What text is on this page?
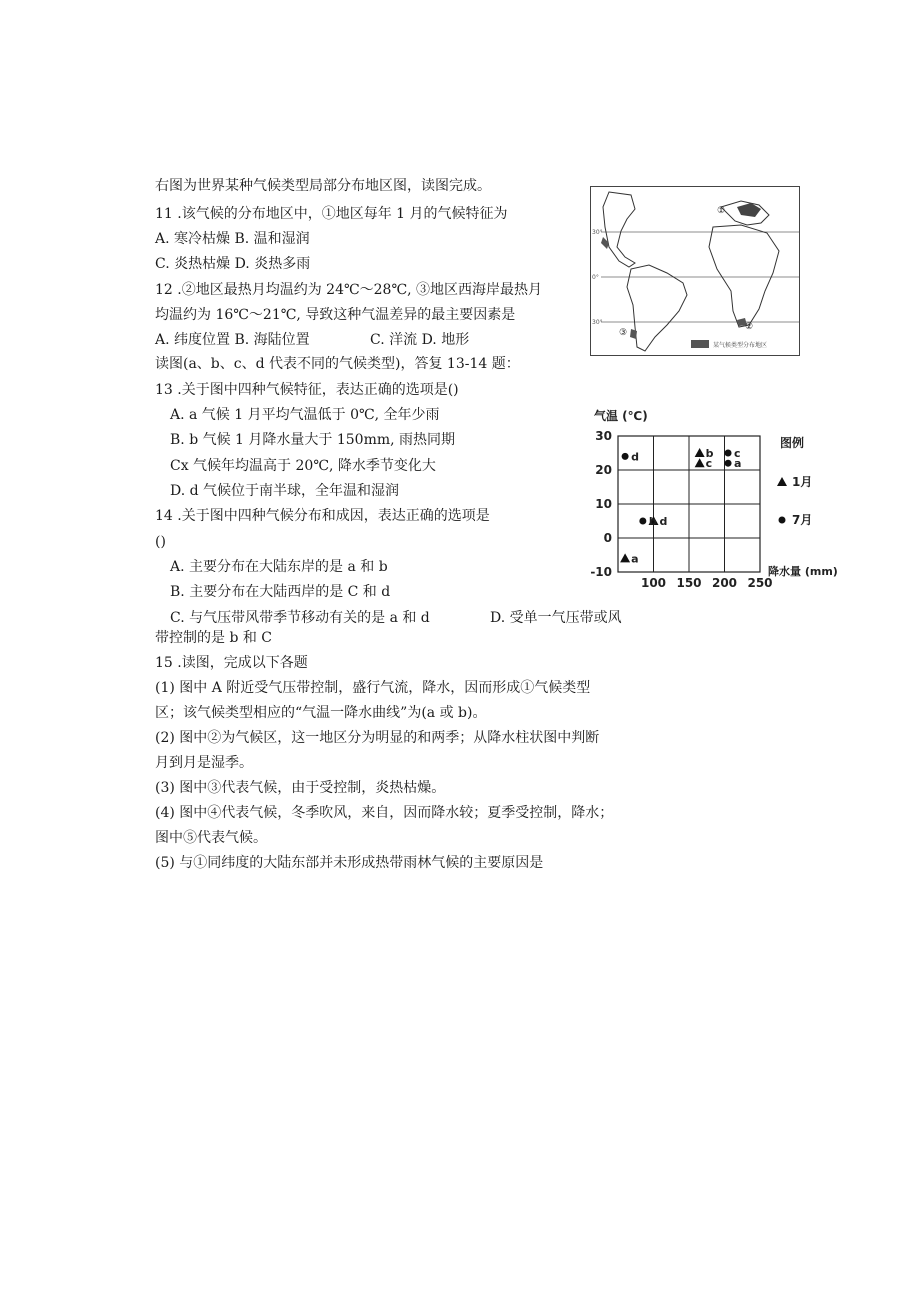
右图为世界某种气候类型局部分布地区图，读图完成。
11 .该气候的分布地区中，①地区每年 1 月的气候特征为
A. 寒冷枯燥 B. 温和湿润
C. 炎热枯燥 D. 炎热多雨
12 .②地区最热月均温约为 24℃～28℃, ③地区西海岸最热月
均温约为 16℃～21℃, 导致这种气温差异的最主要因素是
A. 纬度位置 B. 海陆位置	C. 洋流 D. 地形
读图(a、b、c、d 代表不同的气候类型)，答复 13-14 题：
13 .关于图中四种气候特征，表达正确的选项是()
A. a 气候 1 月平均气温低于 0℃, 全年少雨
B. b 气候 1 月降水量大于 150mm, 雨热同期
Cx 气候年均温高于 20℃, 降水季节变化大
D. d 气候位于南半球，全年温和湿润
14 .关于图中四种气候分布和成因，表达正确的选项是
()
A. 主要分布在大陆东岸的是 a 和 b
B. 主要分布在大陆西岸的是 C 和 d
C. 与气压带风带季节移动有关的是 a 和 d	D. 受单一气压带或风
带控制的是 b 和 C
15 .读图，完成以下各题
(1) 图中 A 附近受气压带控制，盛行气流，降水，因而形成①气候类型
区；该气候类型相应的“气温一降水曲线”为(a 或 b)。
(2) 图中②为气候区，这一地区分为明显的和两季；从降水柱状图中判断
月到月是湿季。
(3) 图中③代表气候，由于受控制，炎热枯燥。
(4) 图中④代表气候，冬季吹风，来自，因而降水较；夏季受控制，降水；
图中⑤代表气候。
(5) 与①同纬度的大陆东部并未形成热带雨林气候的主要原因是
30°
0°
30°
①
③
②
某气候类型分布地区
气温 (℃)
降水量 (mm)
图例
30
20
10
0
-10
100 150 200 250
a
d
b
c
d
b
c
a
1月
7月
